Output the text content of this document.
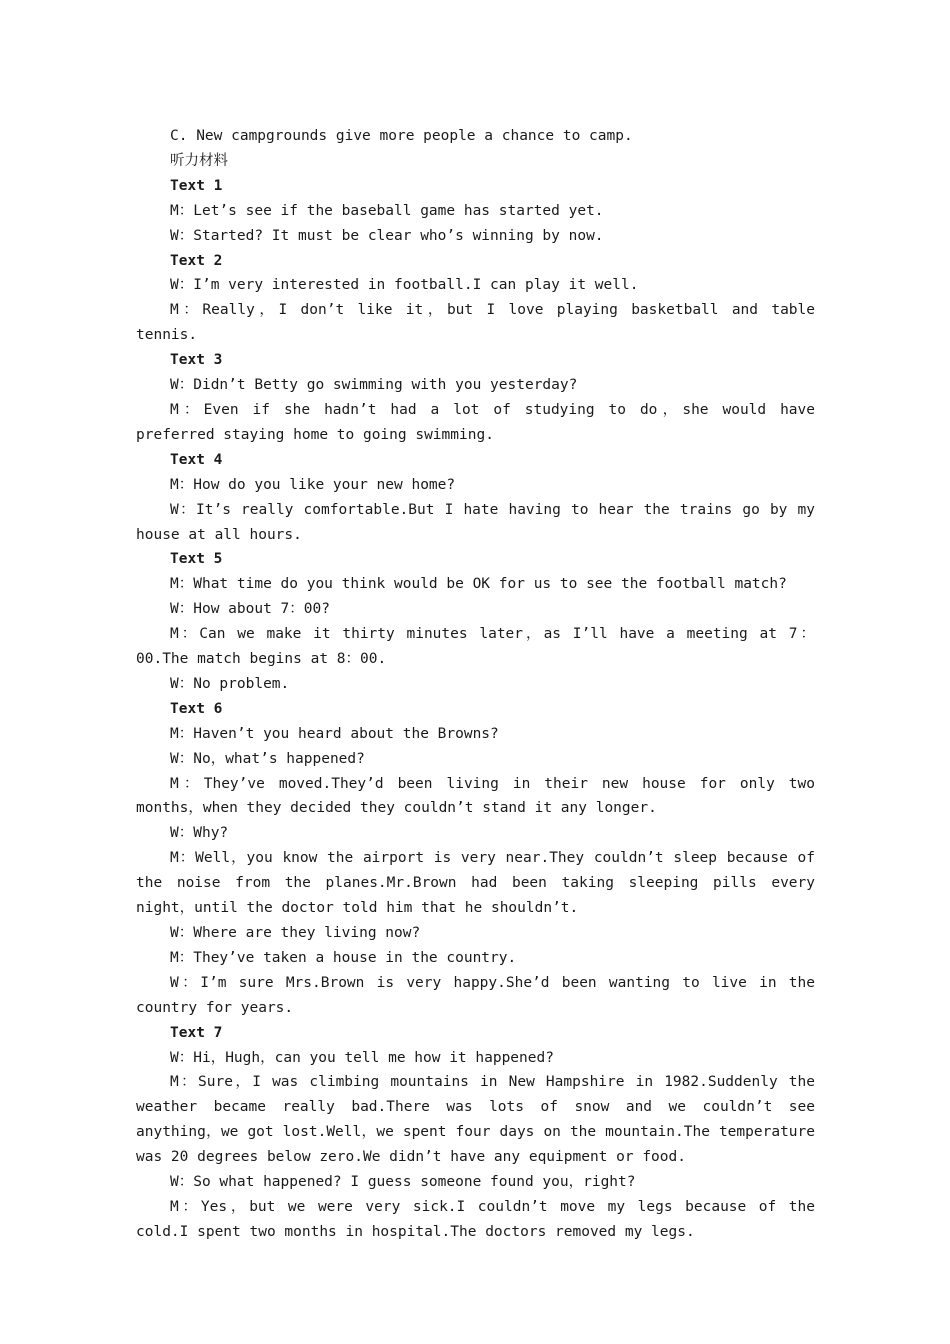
C. New campgrounds give more people a chance to camp.

听力材料

Text 1

M：Let’s see if the baseball game has started yet.

W：Started? It must be clear who’s winning by now.

Text 2

W：I’m very interested in football.I can play it well.

M：Really，I don’t like it，but I love playing basketball and table tennis.

Text 3

W：Didn’t Betty go swimming with you yesterday?

M：Even if she hadn’t had a lot of studying to do，she would have preferred staying home to going swimming.

Text 4

M：How do you like your new home?

W：It’s really comfortable.But I hate having to hear the trains go by my house at all hours.

Text 5

M：What time do you think would be OK for us to see the football match?

W：How about 7：00?

M：Can we make it thirty minutes later，as I’ll have a meeting at 7：00.The match begins at 8：00.

W：No problem.

Text 6

M：Haven’t you heard about the Browns?

W：No，what’s happened?

M：They’ve moved.They’d been living in their new house for only two months，when they decided they couldn’t stand it any longer.

W：Why?

M：Well，you know the airport is very near.They couldn’t sleep because of the noise from the planes.Mr.Brown had been taking sleeping pills every night，until the doctor told him that he shouldn’t.

W：Where are they living now?

M：They’ve taken a house in the country.

W：I’m sure Mrs.Brown is very happy.She’d been wanting to live in the country for years.

Text 7

W：Hi，Hugh，can you tell me how it happened?

M：Sure，I was climbing mountains in New Hampshire in 1982.Suddenly the weather became really bad.There was lots of snow and we couldn’t see anything，we got lost.Well，we spent four days on the mountain.The temperature was 20 degrees below zero.We didn’t have any equipment or food.

W：So what happened? I guess someone found you，right?

M：Yes，but we were very sick.I couldn’t move my legs because of the cold.I spent two months in hospital.The doctors removed my legs.
